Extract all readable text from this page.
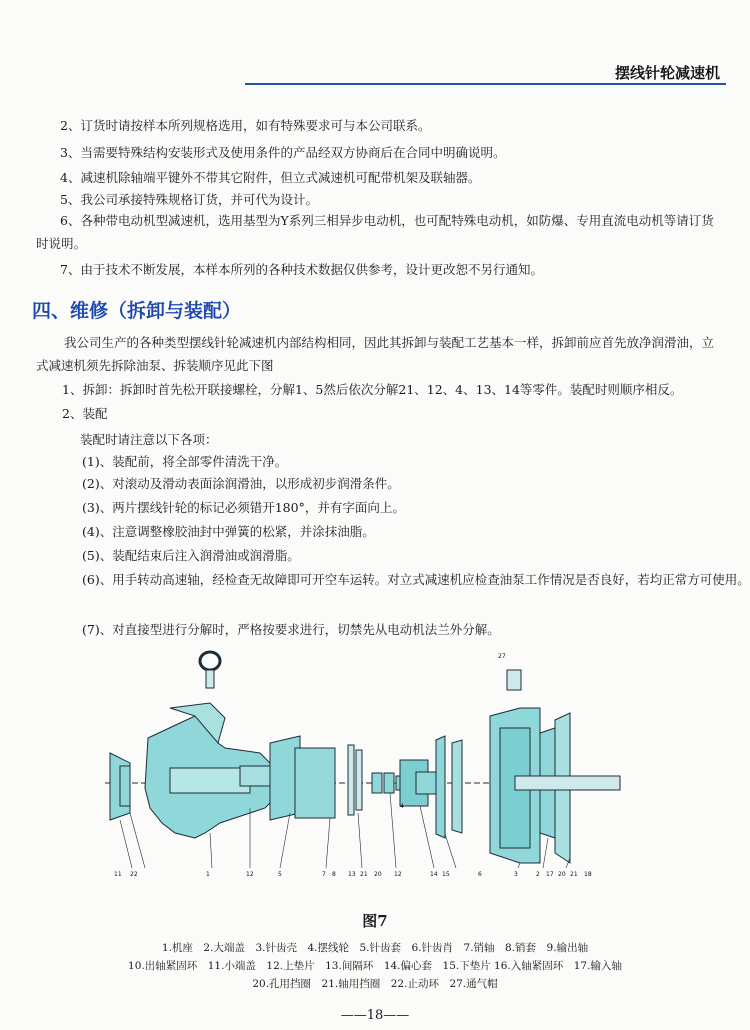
摆线针轮减速机
2、订货时请按样本所列规格选用，如有特殊要求可与本公司联系。
3、当需要特殊结构安装形式及使用条件的产品经双方协商后在合同中明确说明。
4、减速机除轴端平键外不带其它附件，但立式减速机可配带机架及联轴器。
5、我公司承接特殊规格订货，并可代为设计。
6、各种带电动机型减速机，选用基型为Y系列三相异步电动机，也可配特殊电动机，如防爆、专用直流电动机等请订货时说明。
7、由于技术不断发展，本样本所列的各种技术数据仅供参考，设计更改恕不另行通知。
四、维修（拆卸与装配）
我公司生产的各种类型摆线针轮减速机内部结构相同，因此其拆卸与装配工艺基本一样，拆卸前应首先放净润滑油，立式减速机须先拆除油泵、拆装顺序见此下图
1、拆卸：拆卸时首先松开联接螺栓，分解1、5然后依次分解21、12、4、13、14等零件。装配时则顺序相反。
2、装配
装配时请注意以下各项：
(1)、装配前，将全部零件清洗干净。
(2)、对滚动及滑动表面涂润滑油，以形成初步润滑条件。
(3)、两片摆线针轮的标记必须错开180°，并有字面向上。
(4)、注意调整橡胶油封中弹簧的松紧，并涂抹油脂。
(5)、装配结束后注入润滑油或润滑脂。
(6)、用手转动高速轴，经检查无故障即可开空车运转。对立式减速机应检查油泵工作情况是否良好，若均正常方可使用。
(7)、对直接型进行分解时，严格按要求进行，切禁先从电动机法兰外分解。
11 22	1	12	5	7 8 13 21 20 12	14 15	6	3	2 17 20 21 18
27
4
图7
1.机座　2.大端盖　3.针齿壳　4.摆线轮　5.针齿套　6.针齿肖　7.销轴　8.销套　9.输出轴
10.出轴紧固环　11.小端盖　12.上垫片　13.间隔环　14.偏心套　15.下垫片 16.入轴紧固环　17.输入轴
20.孔用挡圈　21.轴用挡圈　22.止动环　27.通气帽
——18——
